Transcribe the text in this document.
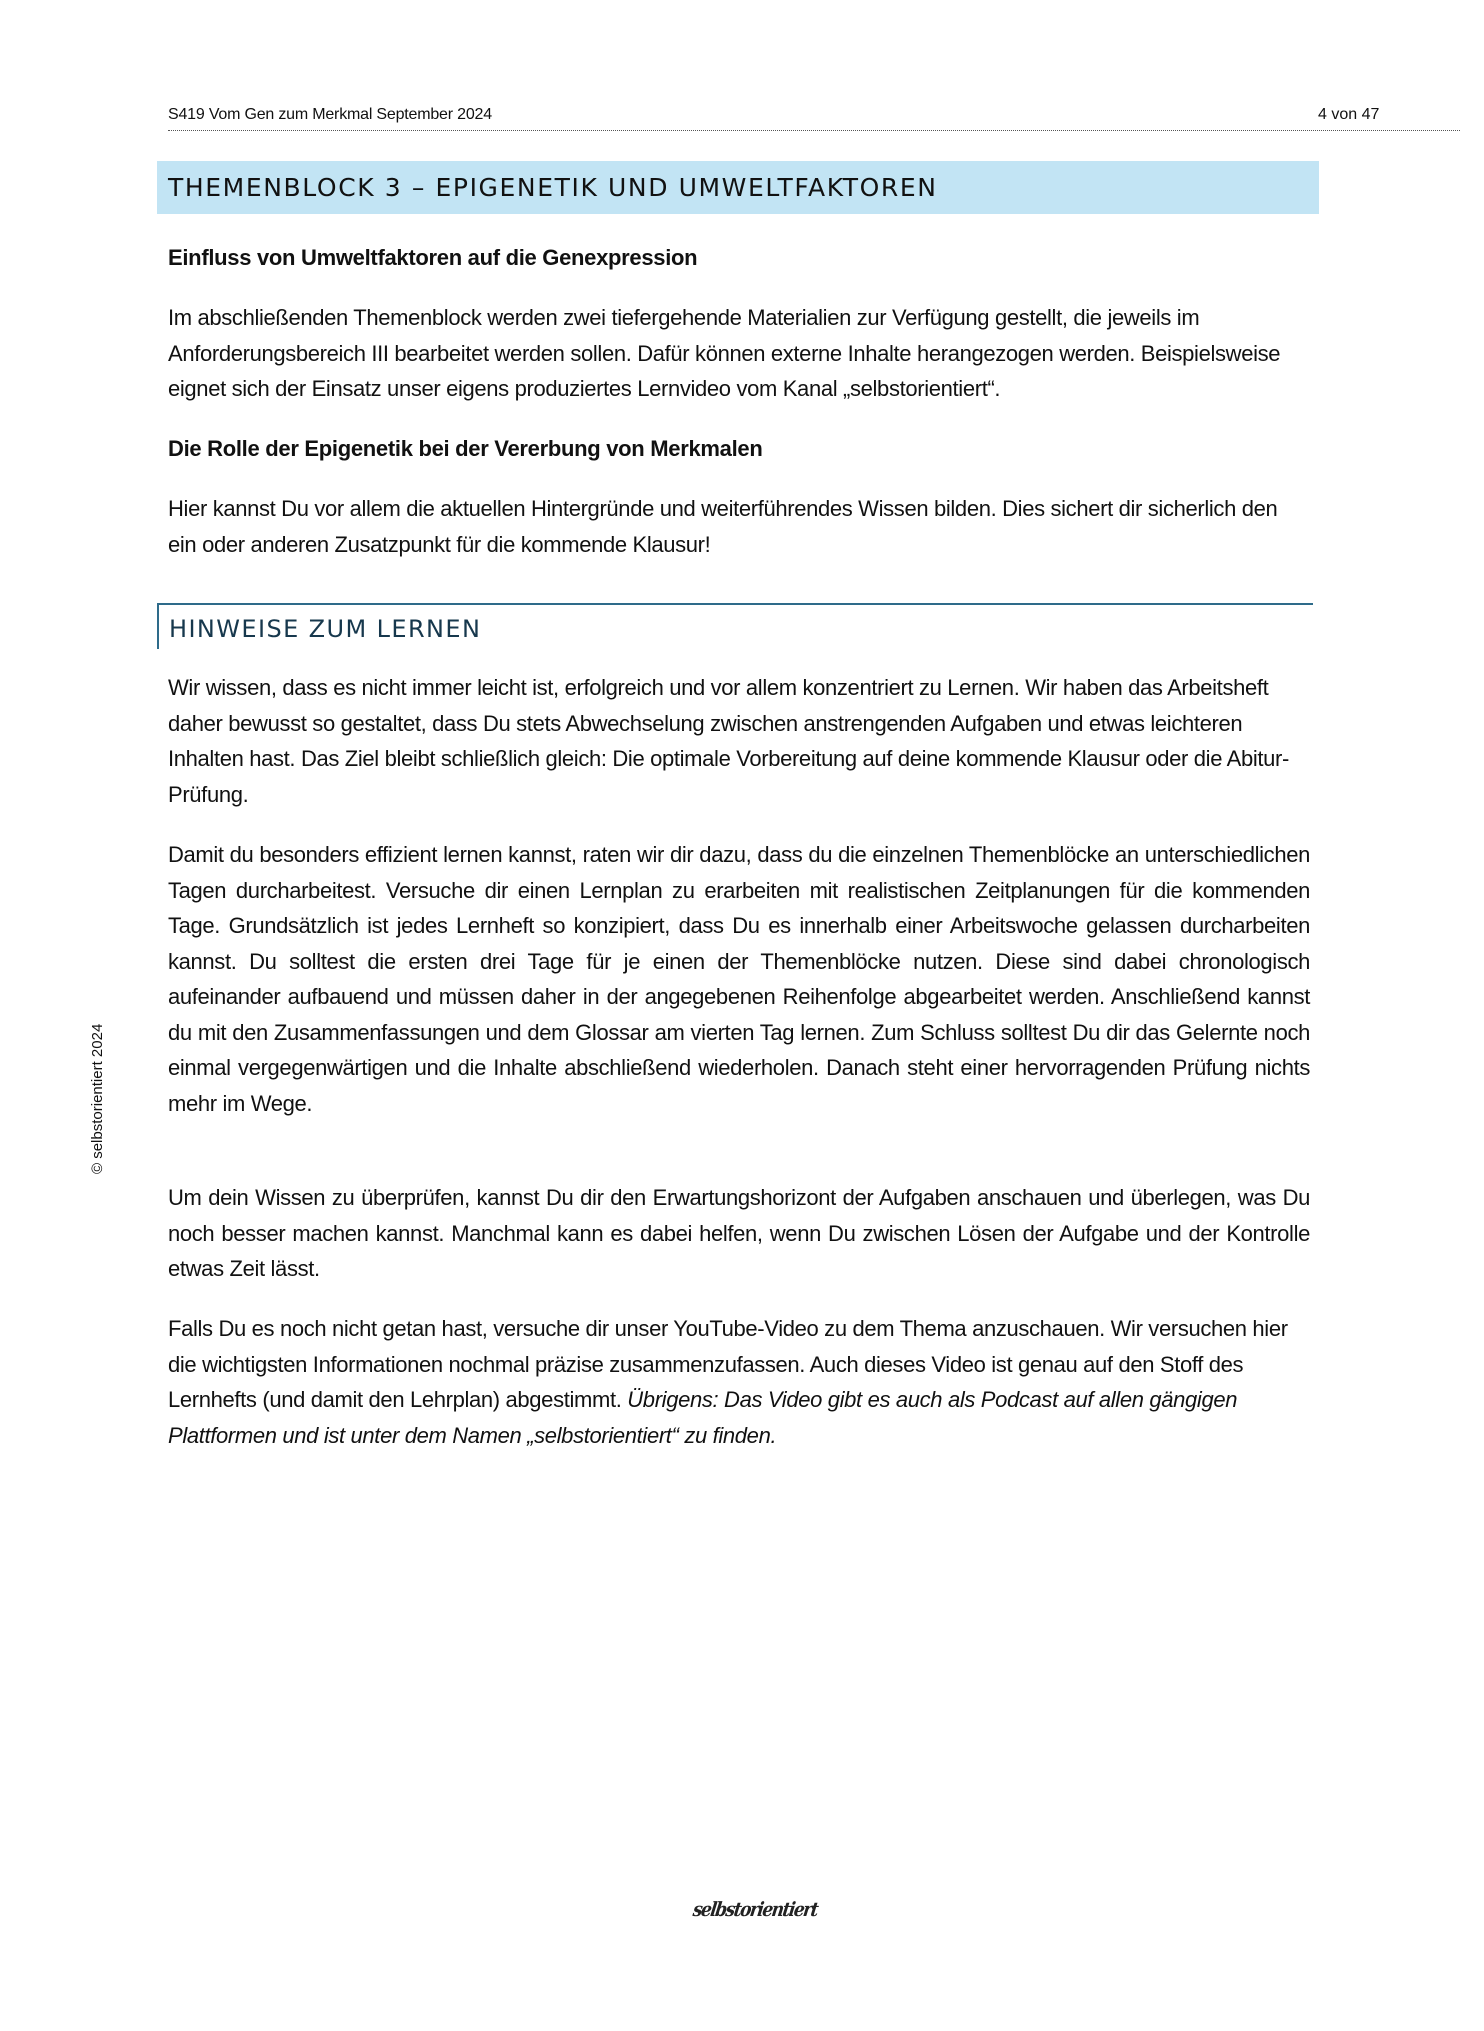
S419 Vom Gen zum Merkmal September 2024	4 von 47
THEMENBLOCK 3 – EPIGENETIK UND UMWELTFAKTOREN
Einfluss von Umweltfaktoren auf die Genexpression

Im abschließenden Themenblock werden zwei tiefergehende Materialien zur Verfügung gestellt, die jeweils im Anforderungsbereich III bearbeitet werden sollen. Dafür können externe Inhalte herangezogen werden. Beispielsweise eignet sich der Einsatz unser eigens produziertes Lernvideo vom Kanal „selbstorientiert“.

Die Rolle der Epigenetik bei der Vererbung von Merkmalen

Hier kannst Du vor allem die aktuellen Hintergründe und weiterführendes Wissen bilden. Dies sichert dir sicherlich den ein oder anderen Zusatzpunkt für die kommende Klausur!

HINWEISE ZUM LERNEN

Wir wissen, dass es nicht immer leicht ist, erfolgreich und vor allem konzentriert zu Lernen. Wir haben das Arbeitsheft daher bewusst so gestaltet, dass Du stets Abwechselung zwischen anstrengenden Aufgaben und etwas leichteren Inhalten hast. Das Ziel bleibt schließlich gleich: Die optimale Vorbereitung auf deine kommende Klausur oder die Abitur-Prüfung.

Damit du besonders effizient lernen kannst, raten wir dir dazu, dass du die einzelnen Themenblöcke an unterschiedlichen Tagen durcharbeitest. Versuche dir einen Lernplan zu erarbeiten mit realistischen Zeitplanungen für die kommenden Tage. Grundsätzlich ist jedes Lernheft so konzipiert, dass Du es innerhalb einer Arbeitswoche gelassen durcharbeiten kannst. Du solltest die ersten drei Tage für je einen der Themenblöcke nutzen. Diese sind dabei chronologisch aufeinander aufbauend und müssen daher in der angegebenen Reihenfolge abgearbeitet werden. Anschließend kannst du mit den Zusammenfassungen und dem Glossar am vierten Tag lernen. Zum Schluss solltest Du dir das Gelernte noch einmal vergegenwärtigen und die Inhalte abschließend wiederholen. Danach steht einer hervorragenden Prüfung nichts mehr im Wege.

Um dein Wissen zu überprüfen, kannst Du dir den Erwartungshorizont der Aufgaben anschauen und überlegen, was Du noch besser machen kannst. Manchmal kann es dabei helfen, wenn Du zwischen Lösen der Aufgabe und der Kontrolle etwas Zeit lässt.

Falls Du es noch nicht getan hast, versuche dir unser YouTube-Video zu dem Thema anzuschauen. Wir versuchen hier die wichtigsten Informationen nochmal präzise zusammenzufassen. Auch dieses Video ist genau auf den Stoff des Lernhefts (und damit den Lehrplan) abgestimmt. Übrigens: Das Video gibt es auch als Podcast auf allen gängigen Plattformen und ist unter dem Namen „selbstorientiert“ zu finden.

© selbstorientiert 2024
selbstorientiert
